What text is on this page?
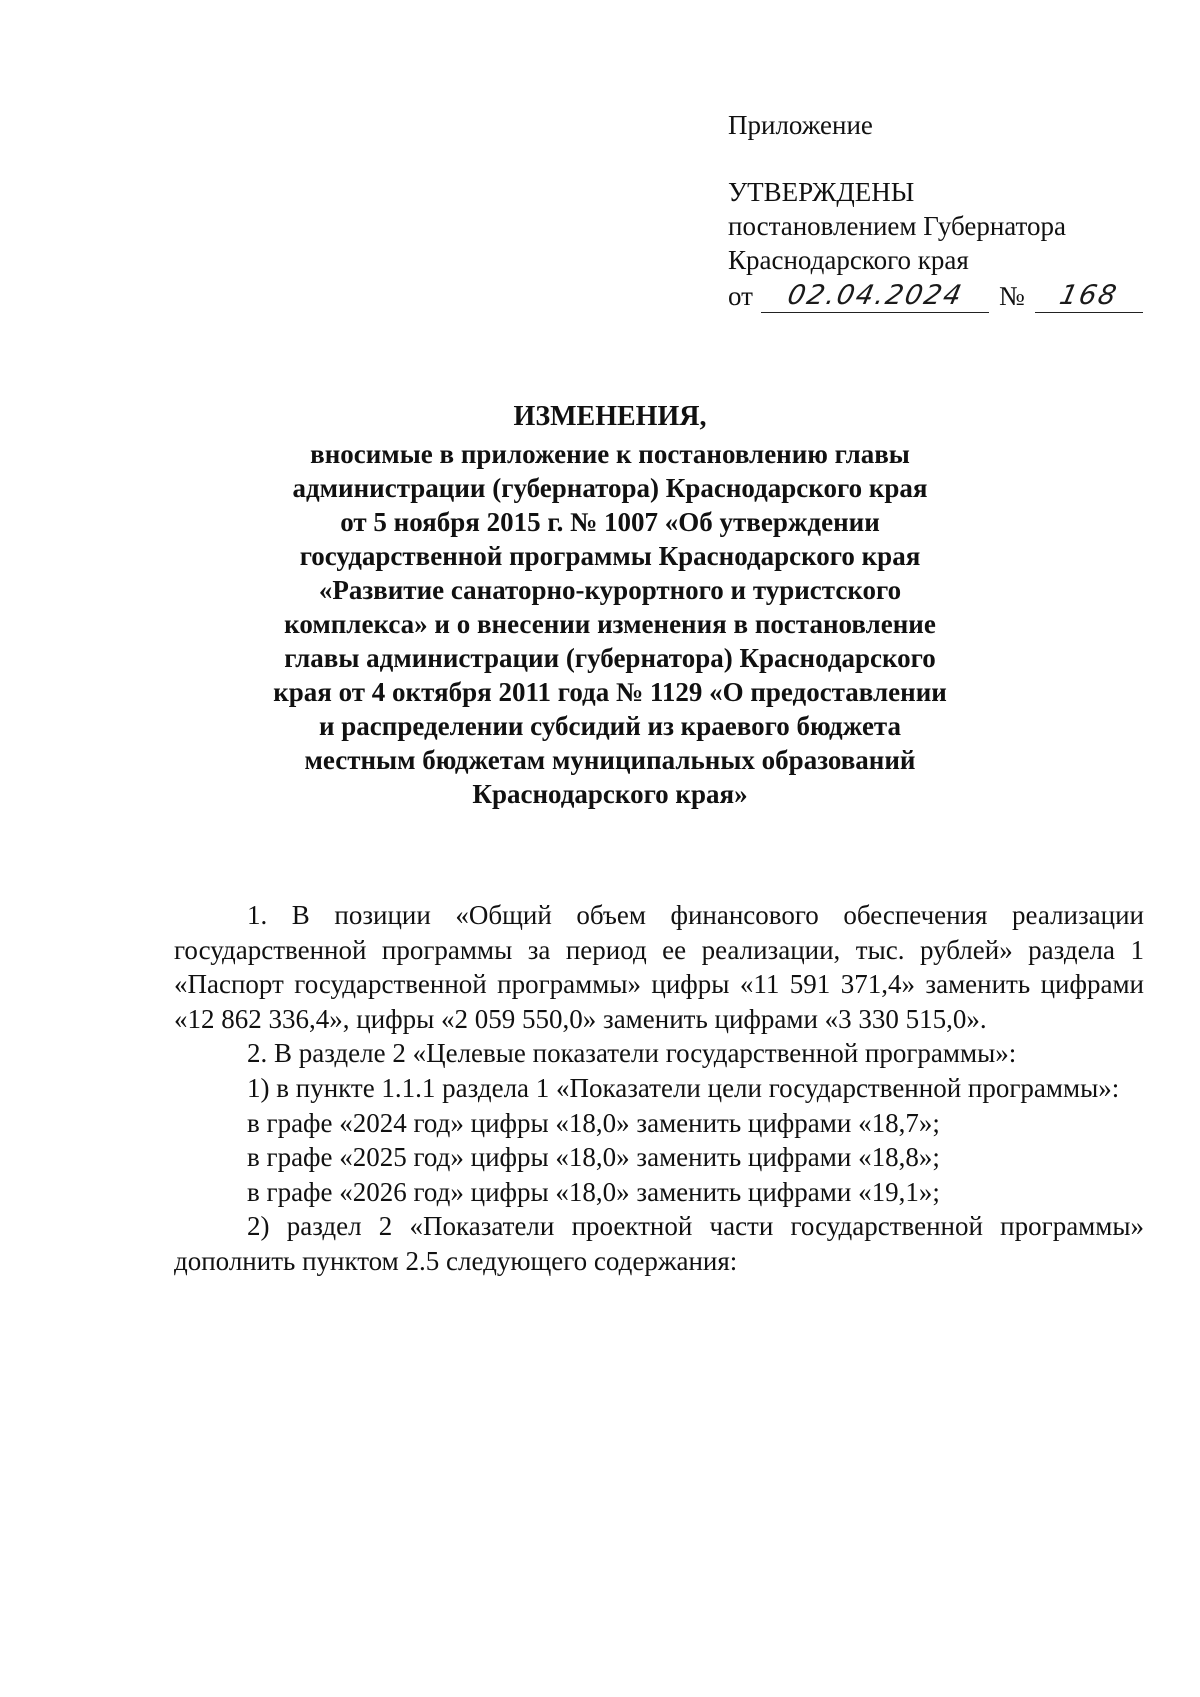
Приложение

УТВЕРЖДЕНЫ

постановлением Губернатора

Краснодарского края

от	02.04.2024	№	168
ИЗМЕНЕНИЯ,

вносимые в приложение к постановлению главы

администрации (губернатора) Краснодарского края

от 5 ноября 2015 г. № 1007 «Об утверждении

государственной программы Краснодарского края

«Развитие санаторно-курортного и туристского

комплекса» и о внесении изменения в постановление

главы администрации (губернатора) Краснодарского

края от 4 октября 2011 года № 1129 «О предоставлении

и распределении субсидий из краевого бюджета

местным бюджетам муниципальных образований

Краснодарского края»

1. В позиции «Общий объем финансового обеспечения реализации государственной программы за период ее реализации, тыс. рублей» раздела 1 «Паспорт государственной программы» цифры «11 591 371,4» заменить цифрами «12 862 336,4», цифры «2 059 550,0» заменить цифрами «3 330 515,0».

2. В разделе 2 «Целевые показатели государственной программы»:

1) в пункте 1.1.1 раздела 1 «Показатели цели государственной программы»:

в графе «2024 год» цифры «18,0» заменить цифрами «18,7»;

в графе «2025 год» цифры «18,0» заменить цифрами «18,8»;

в графе «2026 год» цифры «18,0» заменить цифрами «19,1»;

2) раздел 2 «Показатели проектной части государственной программы» дополнить пунктом 2.5 следующего содержания:
